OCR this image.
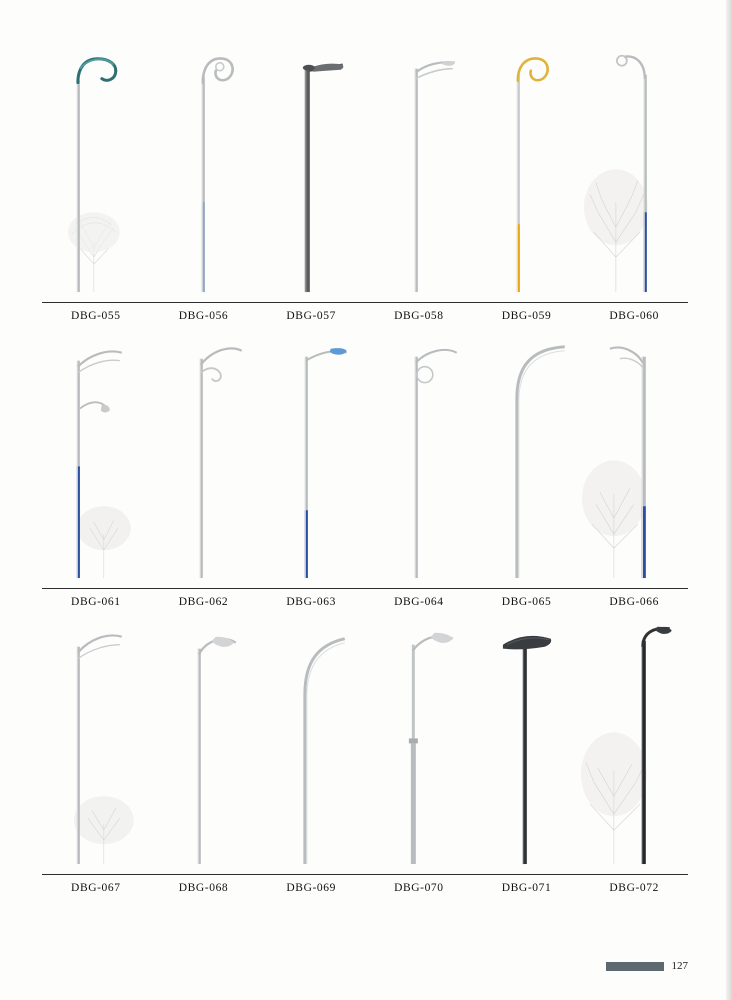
DBG-055	DBG-056	DBG-057	DBG-058	DBG-059	DBG-060
DBG-061	DBG-062	DBG-063	DBG-064	DBG-065	DBG-066
DBG-067	DBG-068	DBG-069	DBG-070	DBG-071	DBG-072
127
